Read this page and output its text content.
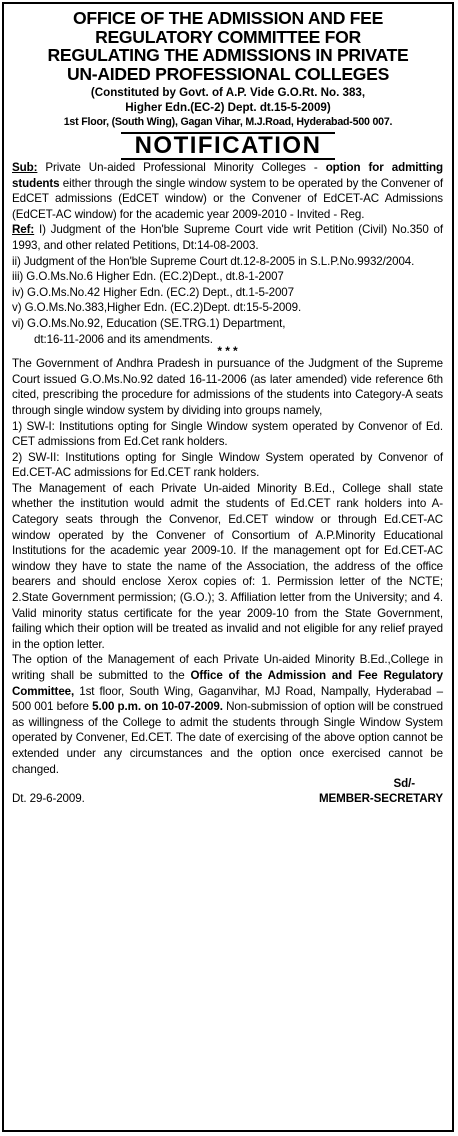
OFFICE OF THE ADMISSION AND FEE

REGULATORY COMMITTEE FOR

REGULATING THE ADMISSIONS IN PRIVATE

UN-AIDED PROFESSIONAL COLLEGES

(Constituted by Govt. of A.P. Vide G.O.Rt. No. 383,

Higher Edn.(EC-2) Dept. dt.15-5-2009)

1st Floor, (South Wing), Gagan Vihar, M.J.Road, Hyderabad-500 007.

NOTIFICATION

Sub: Private Un-aided Professional Minority Colleges - option for admitting students either through the single window system to be operated by the Convener of EdCET admissions (EdCET window) or the Convener of EdCET-AC Admissions (EdCET-AC window) for the academic year 2009-2010 - Invited - Reg.

Ref: I) Judgment of the Hon'ble Supreme Court vide writ Petition (Civil) No.350 of 1993, and other related Petitions, Dt:14-08-2003.

ii) Judgment of the Hon'ble Supreme Court dt.12-8-2005 in S.L.P.No.9932/2004.

iii) G.O.Ms.No.6 Higher Edn. (EC.2)Dept., dt.8-1-2007

iv) G.O.Ms.No.42 Higher Edn. (EC.2) Dept., dt.1-5-2007

v) G.O.Ms.No.383,Higher Edn. (EC.2)Dept. dt:15-5-2009.

vi) G.O.Ms.No.92, Education (SE.TRG.1) Department,

dt:16-11-2006 and its amendments.

* * *

The Government of Andhra Pradesh in pursuance of the Judgment of the Supreme Court issued G.O.Ms.No.92 dated 16-11-2006 (as later amended) vide reference 6th cited, prescribing the procedure for admissions of the students into Category-A seats through single window system by dividing into groups namely,

1) SW-I: Institutions opting for Single Window system operated by Convenor of Ed. CET admissions from Ed.Cet rank holders.

2) SW-II: Institutions opting for Single Window System operated by Convenor of Ed.CET-AC admissions for Ed.CET rank holders.

The Management of each Private Un-aided Minority B.Ed., College shall state whether the institution would admit the students of Ed.CET rank holders into A-Category seats through the Convenor, Ed.CET window or through Ed.CET-AC window operated by the Convener of Consortium of A.P.Minority Educational Institutions for the academic year 2009-10. If the management opt for Ed.CET-AC window they have to state the name of the Association, the address of the office bearers and should enclose Xerox copies of: 1. Permission letter of the NCTE; 2.State Government permission; (G.O.); 3. Affiliation letter from the University; and 4. Valid minority status certificate for the year 2009-10 from the State Government, failing which their option will be treated as invalid and not eligible for any relief prayed in the option letter.

The option of the Management of each Private Un-aided Minority B.Ed.,College in writing shall be submitted to the Office of the Admission and Fee Regulatory Committee, 1st floor, South Wing, Gaganvihar, MJ Road, Nampally, Hyderabad – 500 001 before 5.00 p.m. on 10-07-2009. Non-submission of option will be construed as willingness of the College to admit the students through Single Window System operated by Convener, Ed.CET. The date of exercising of the above option cannot be extended under any circumstances and the option once exercised cannot be changed.

Sd/-
Dt. 29-6-2009.	MEMBER-SECRETARY
